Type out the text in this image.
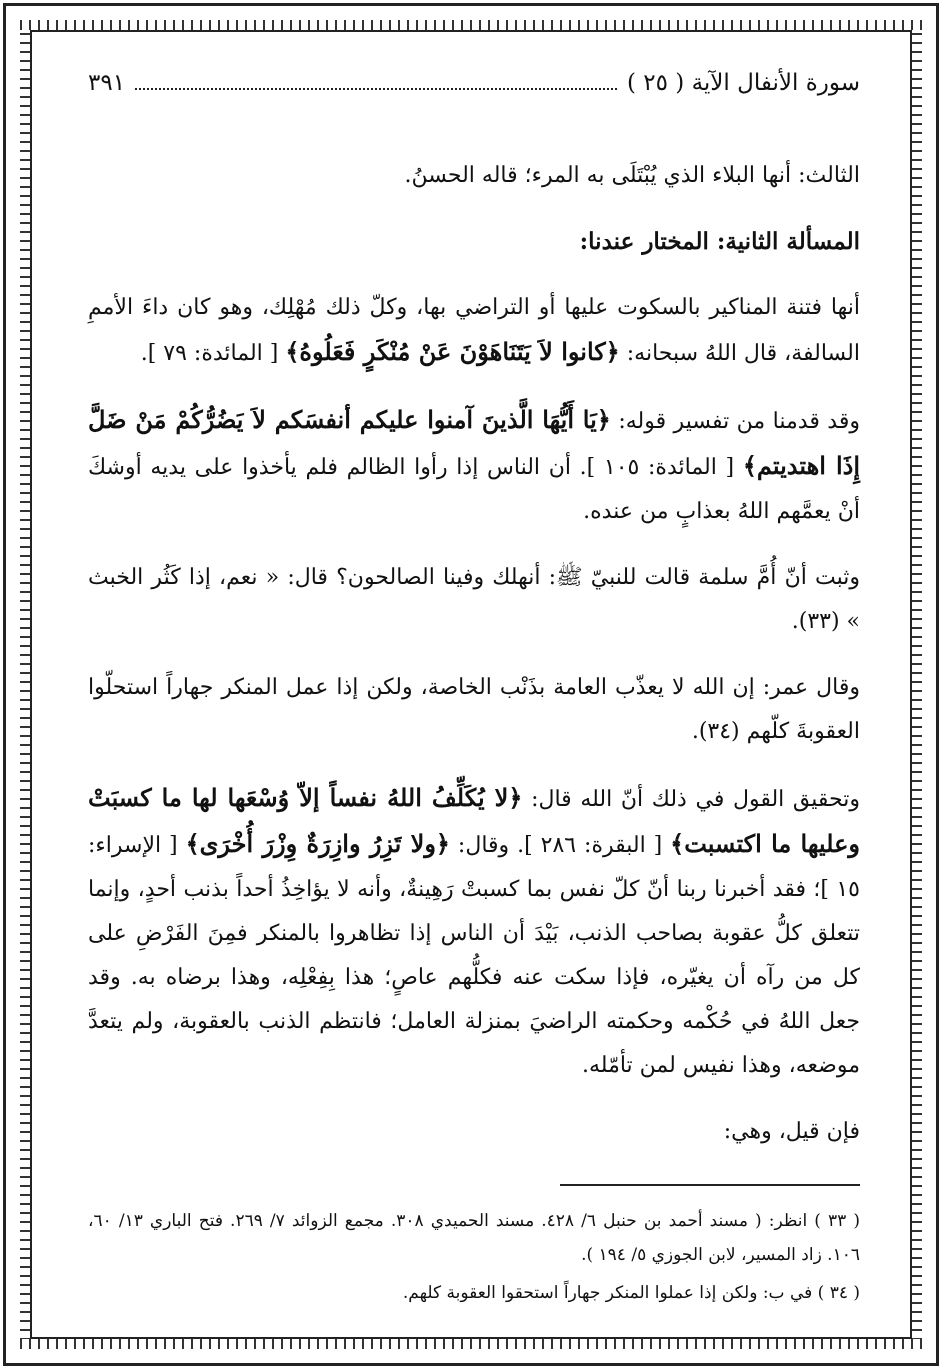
سورة الأنفال الآية ( ٢٥ )
٣٩١

الثالث: أنها البلاء الذي يُبْتَلَى به المرء؛ قاله الحسنُ.

المسألة الثانية: المختار عندنا:

أنها فتنة المناكير بالسكوت عليها أو التراضي بها، وكلّ ذلك مُهْلِك، وهو كان داءَ الأممِ السالفة، قال اللهُ سبحانه: ﴿كانوا لاَ يَتَنَاهَوْنَ عَنْ مُنْكَرٍ فَعَلُوهُ﴾ [ المائدة: ٧٩ ].

وقد قدمنا من تفسير قوله: ﴿يَا أَيُّهَا الَّذينَ آمنوا عليكم أنفسَكم لاَ يَضُرُّكُمْ مَنْ ضَلَّ إِذَا اهتديتم﴾ [ المائدة: ١٠٥ ]. أن الناس إذا رأوا الظالم فلم يأخذوا على يديه أوشكَ أنْ يعمَّهم اللهُ بعذابٍ من عنده.

وثبت أنّ أُمَّ سلمة قالت للنبيّ ﷺ: أنهلك وفينا الصالحون؟ قال: « نعم، إذا كَثُر الخبث » (٣٣).

وقال عمر: إن الله لا يعذّب العامة بذَنْب الخاصة، ولكن إذا عمل المنكر جهاراً استحلّوا العقوبةَ كلّهم (٣٤).

وتحقيق القول في ذلك أنّ الله قال: ﴿لا يُكَلِّفُ اللهُ نفساً إلاّ وُسْعَها لها ما كسبَتْ وعليها ما اكتسبت﴾ [ البقرة: ٢٨٦ ]. وقال: ﴿ولا تَزِرُ وازِرَةٌ وِزْرَ أُخْرَى﴾ [ الإسراء: ١٥ ]؛ فقد أخبرنا ربنا أنّ كلّ نفس بما كسبتْ رَهِينةٌ، وأنه لا يؤاخِذُ أحداً بذنب أحدٍ، وإنما تتعلق كلُّ عقوبة بصاحب الذنب، بَيْدَ أن الناس إذا تظاهروا بالمنكر فمِنَ الفَرْضِ على كل من رآه أن يغيّره، فإذا سكت عنه فكلُّهم عاصٍ؛ هذا بِفِعْلِه، وهذا برضاه به. وقد جعل اللهُ في حُكْمه وحكمته الراضيَ بمنزلة العامل؛ فانتظم الذنب بالعقوبة، ولم يتعدَّ موضعه، وهذا نفيس لمن تأمّله.

فإن قيل، وهي:

( ٣٣ ) انظر: ( مسند أحمد بن حنبل ٦/ ٤٢٨. مسند الحميدي ٣٠٨. مجمع الزوائد ٧/ ٢٦٩. فتح الباري ١٣/ ٦٠، ١٠٦. زاد المسير، لابن الجوزي ٥/ ١٩٤ ).

( ٣٤ ) في ب: ولكن إذا عملوا المنكر جهاراً استحقوا العقوبة كلهم.
